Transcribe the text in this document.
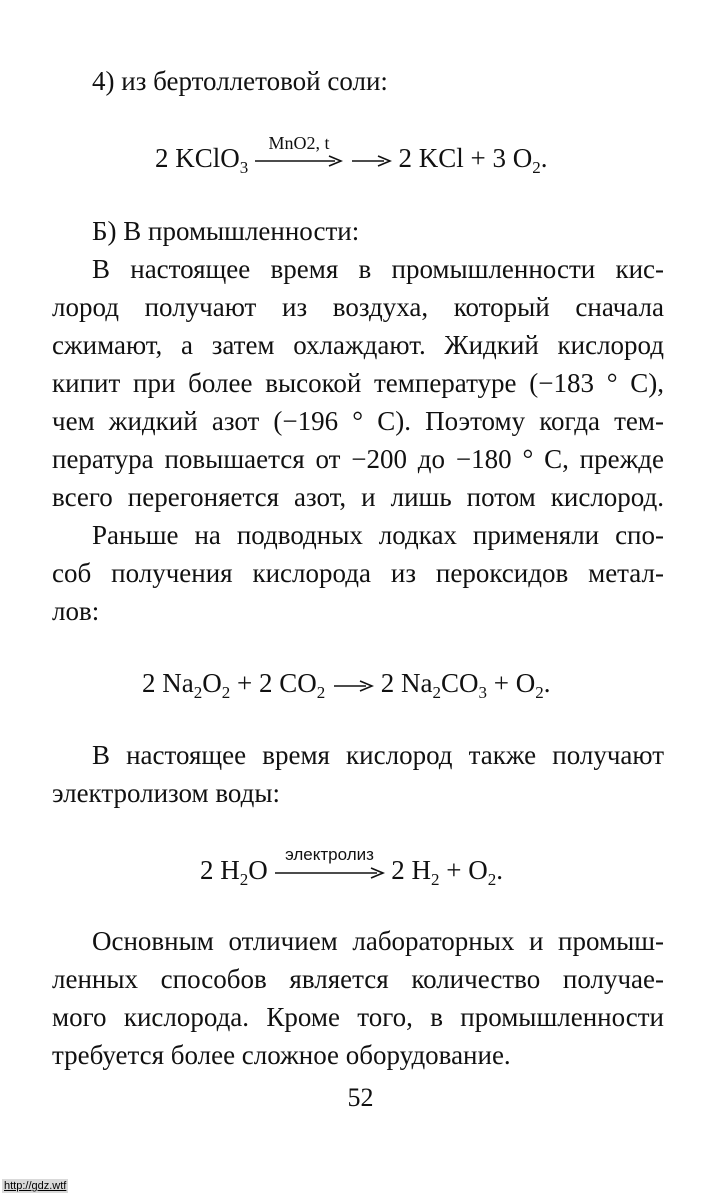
4) из бертоллетовой соли:
2 KClO$_3$
MnO2, t

2 KCl + 3 $O_2$.
Б) В промышленности:
В настоящее время в промышленности кис-
лород получают из воздуха, который сначала
сжимают, а затем охлаждают. Жидкий кислород
кипит при более высокой температуре (−183 ° С),
чем жидкий азот (−196 ° С). Поэтому когда тем-
пература повышается от −200 до −180 ° С, прежде
всего перегоняется азот, и лишь потом кислород.
Раньше на подводных лодках применяли спо-
соб получения кислорода из пероксидов метал-
лов:
2 $Na_2O_2 + 2$ $CO_2 \to 2$ $Na_2CO_3 + O_2$.
В настоящее время кислород также получают
электролизом воды:
2 $H_2O$
электролиз
2 $H_2 + O_2$.
Основным отличием лабораторных и промыш-
ленных способов является количество получае-
мого кислорода. Кроме того, в промышленности
требуется более сложное оборудование.
52
http://gdz.wtf
